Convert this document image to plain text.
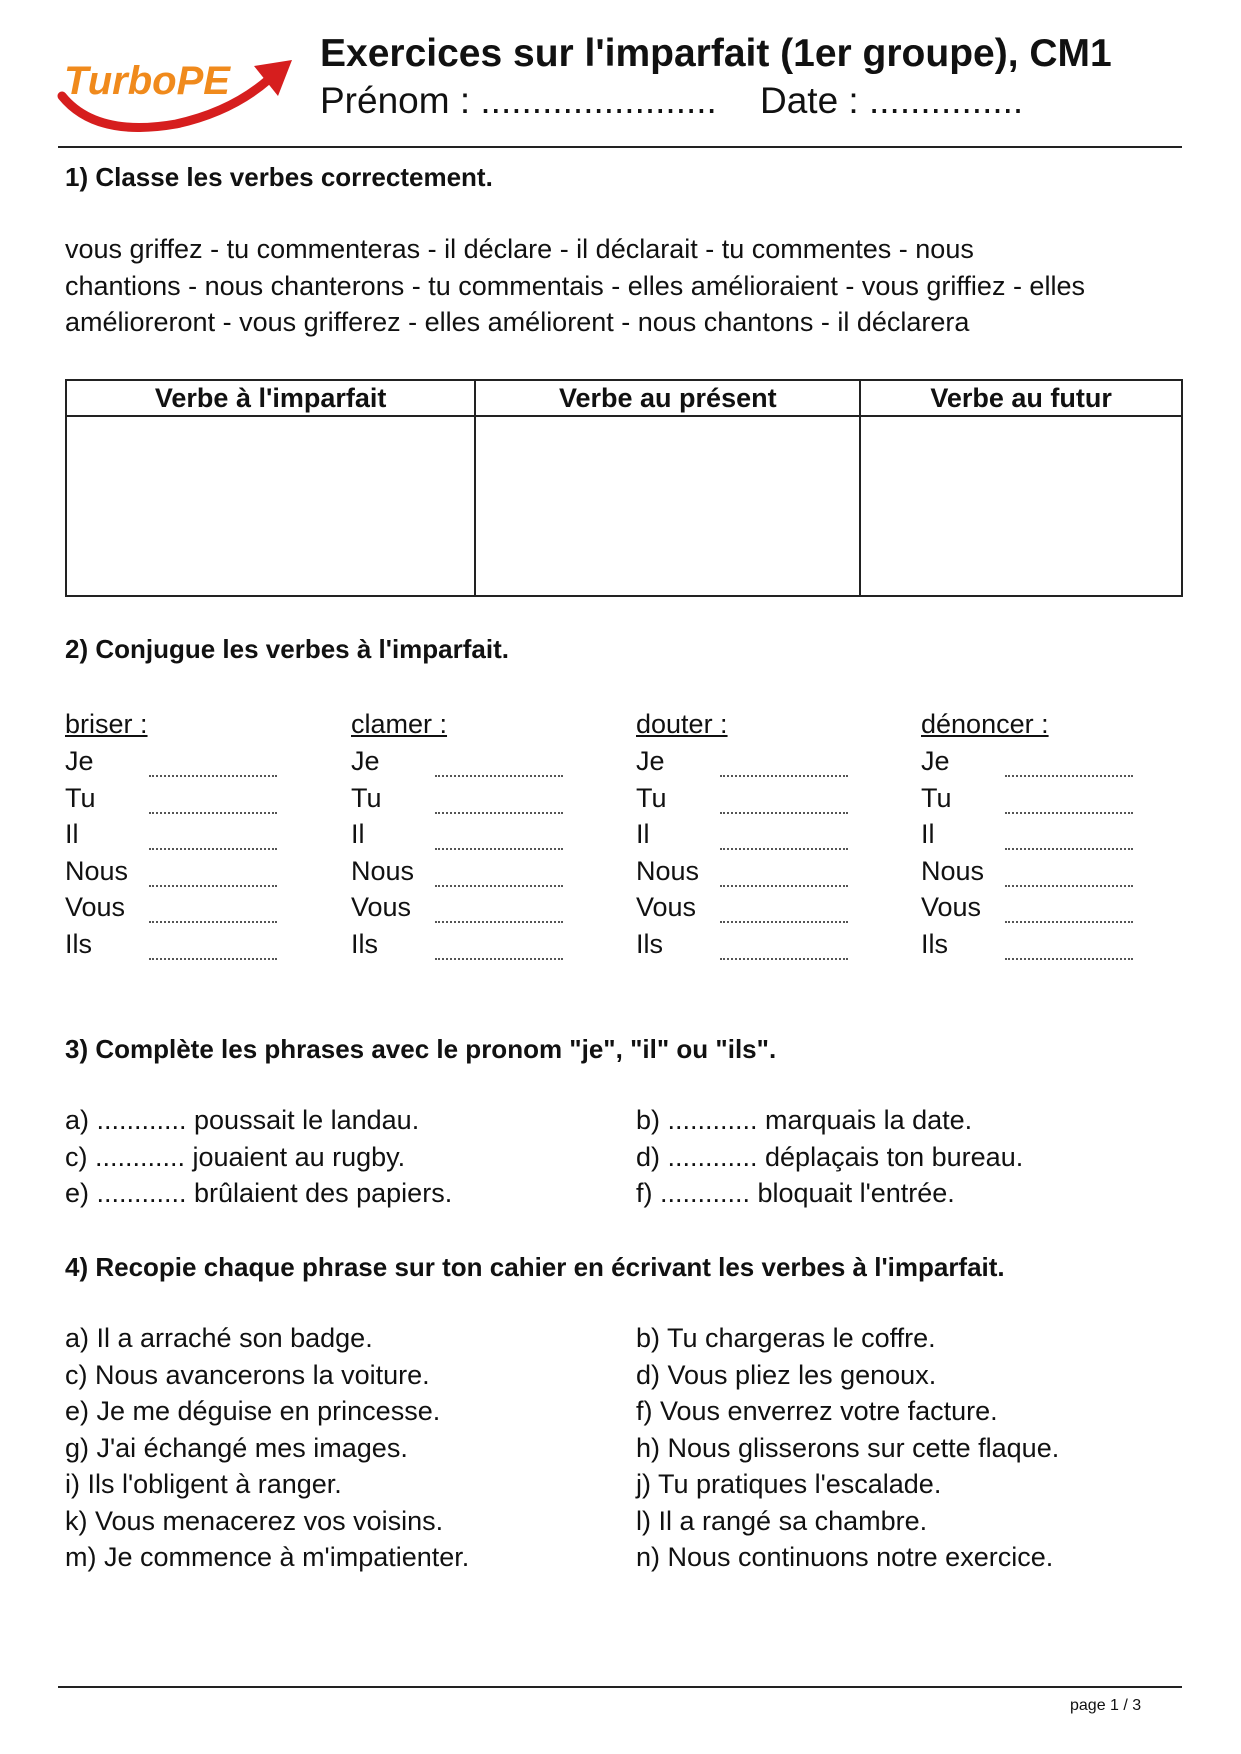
TurboPE
Exercices sur l'imparfait (1er groupe), CM1
Prénom : ....................... Date : ...............
1) Classe les verbes correctement.
vous griffez - tu commenteras - il déclare - il déclarait - tu commentes - nous
chantions - nous chanterons - tu commentais - elles amélioraient - vous griffiez - elles
amélioreront - vous grifferez - elles améliorent - nous chantons - il déclarera
Verbe à l'imparfait	Verbe au présent	Verbe au futur

2) Conjugue les verbes à l'imparfait.
briser :
Je
Tu
Il
Nous
Vous
Ils
clamer :
Je
Tu
Il
Nous
Vous
Ils
douter :
Je
Tu
Il
Nous
Vous
Ils
dénoncer :
Je
Tu
Il
Nous
Vous
Ils
3) Complète les phrases avec le pronom "je", "il" ou "ils".
a) ............ poussait le landau.
c) ............ jouaient au rugby.
e) ............ brûlaient des papiers.
b) ............ marquais la date.
d) ............ déplaçais ton bureau.
f) ............ bloquait l'entrée.
4) Recopie chaque phrase sur ton cahier en écrivant les verbes à l'imparfait.
a) Il a arraché son badge.
c) Nous avancerons la voiture.
e) Je me déguise en princesse.
g) J'ai échangé mes images.
i) Ils l'obligent à ranger.
k) Vous menacerez vos voisins.
m) Je commence à m'impatienter.
b) Tu chargeras le coffre.
d) Vous pliez les genoux.
f) Vous enverrez votre facture.
h) Nous glisserons sur cette flaque.
j) Tu pratiques l'escalade.
l) Il a rangé sa chambre.
n) Nous continuons notre exercice.
page 1 / 3
